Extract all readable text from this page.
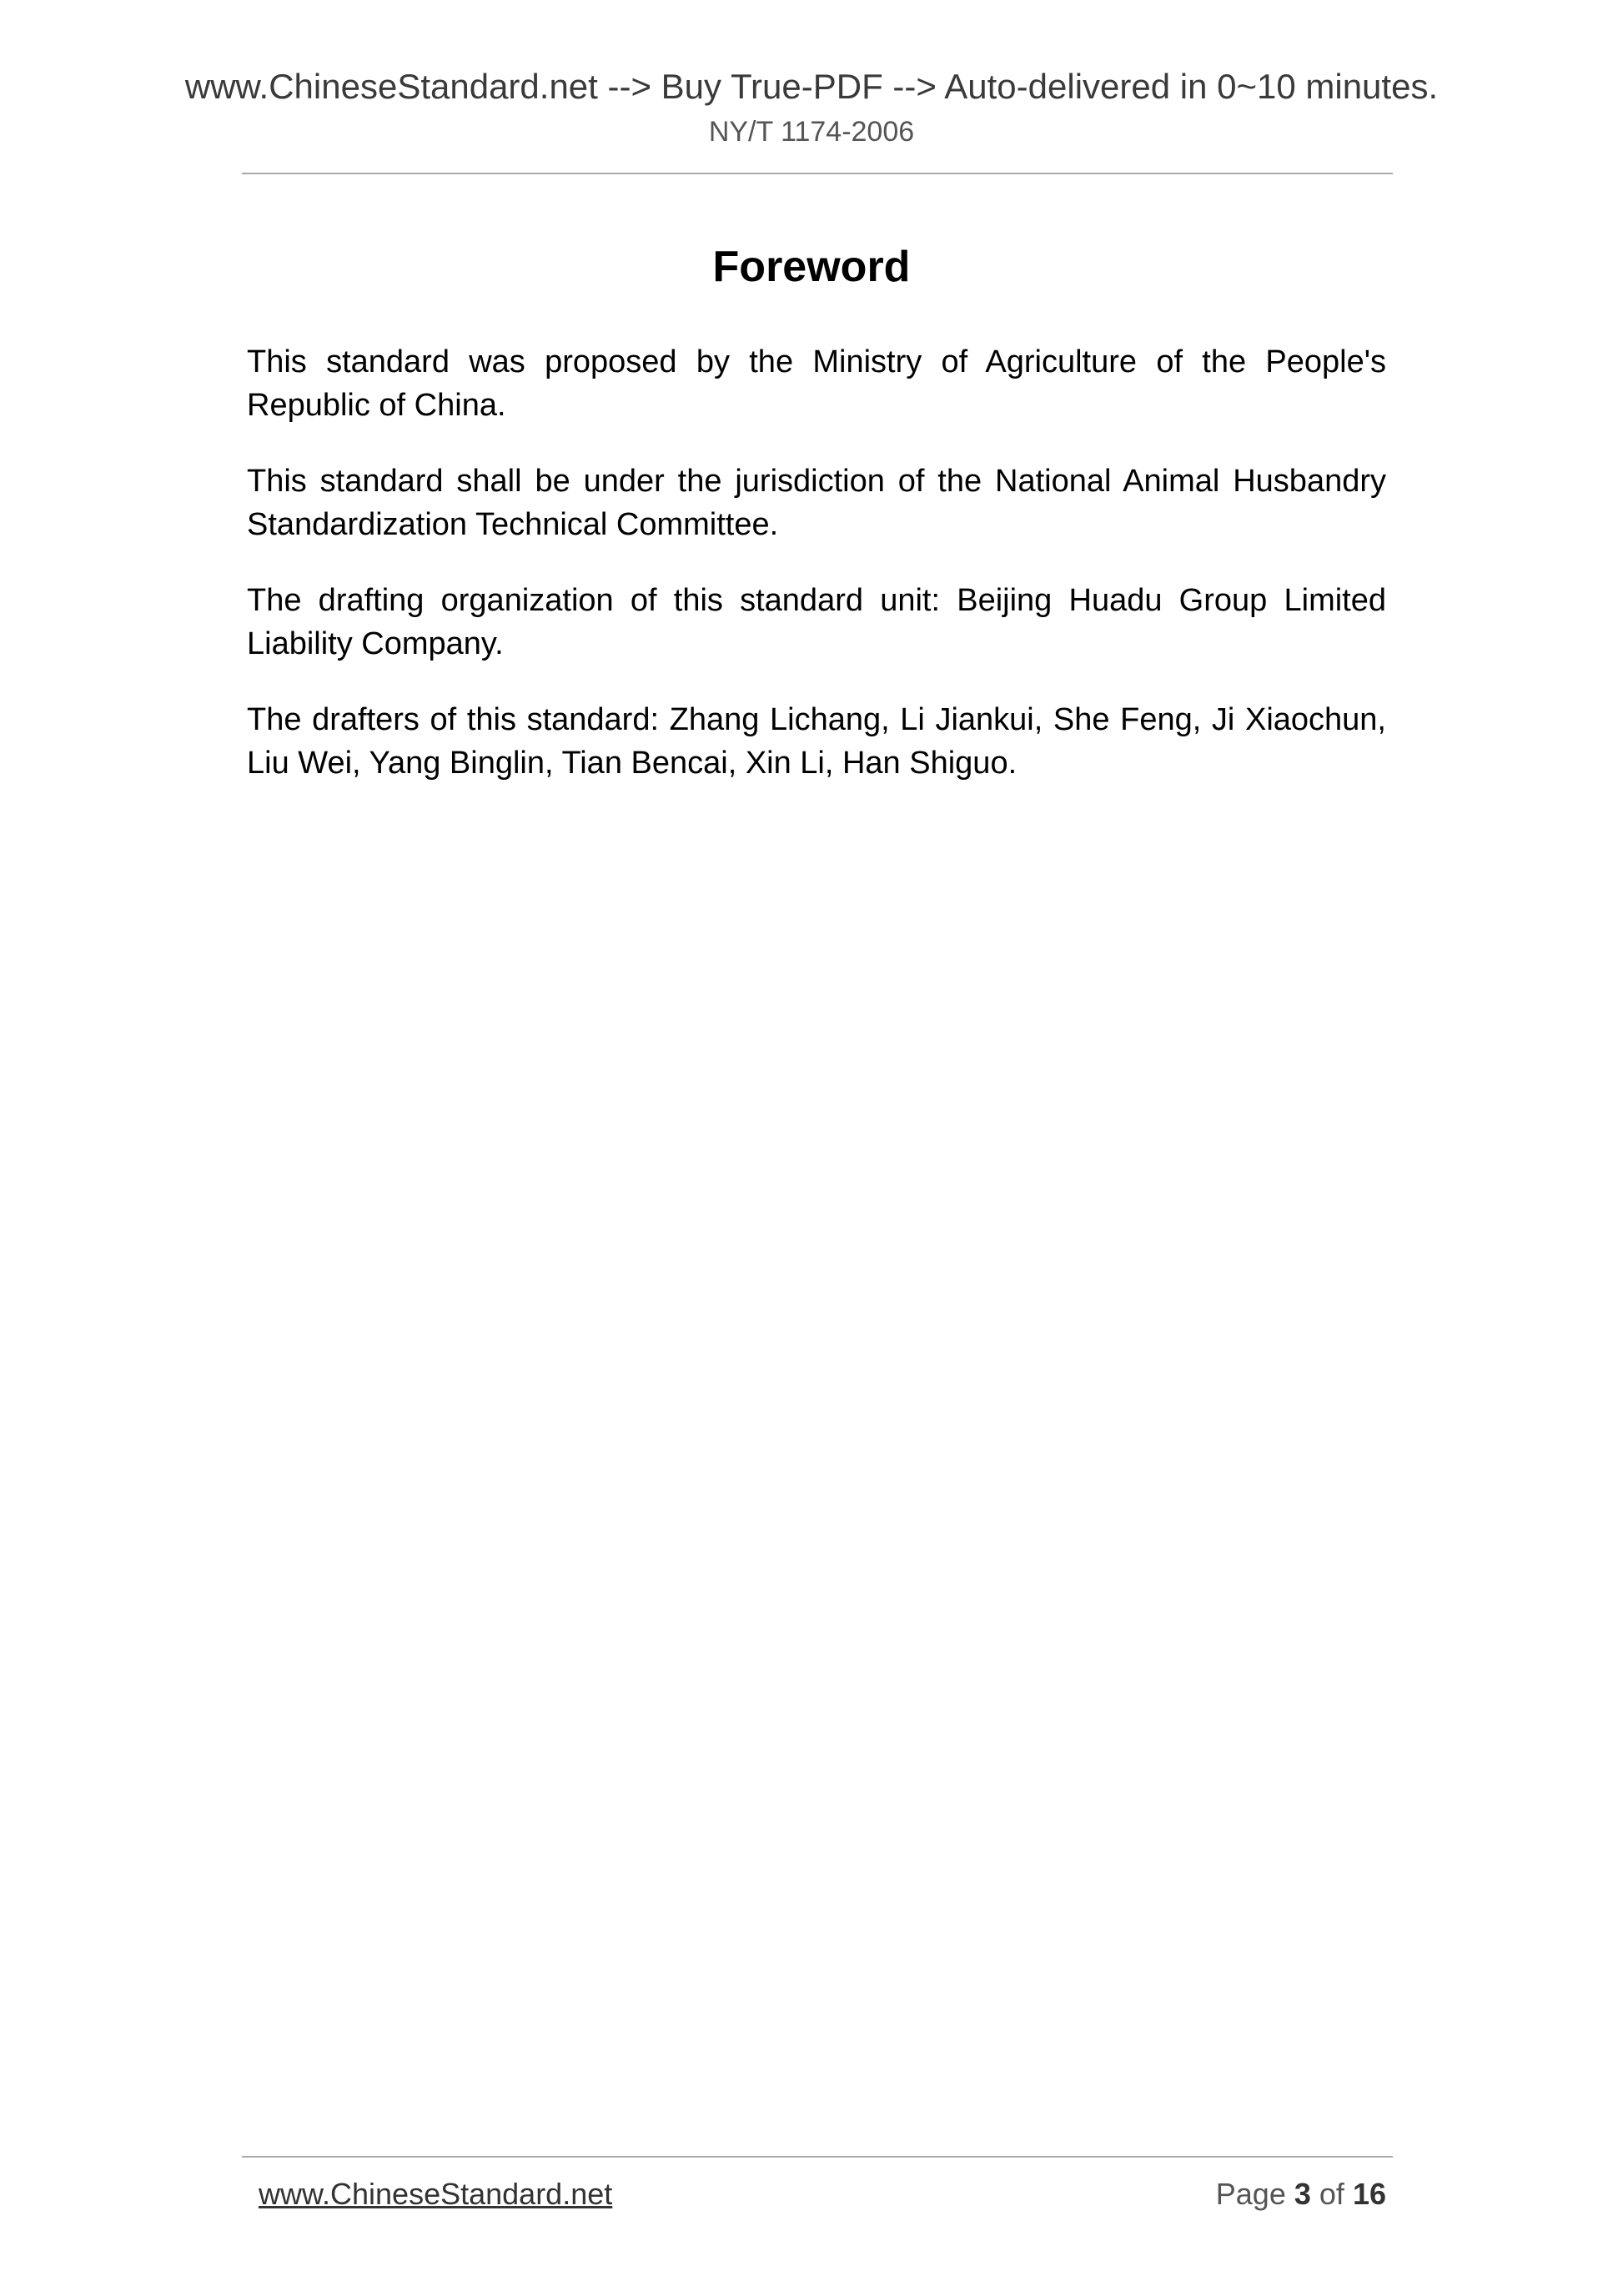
www.ChineseStandard.net --> Buy True-PDF --> Auto-delivered in 0~10 minutes.
NY/T 1174-2006
Foreword

This standard was proposed by the Ministry of Agriculture of the People's Republic of China.

This standard shall be under the jurisdiction of the National Animal Husbandry Standardization Technical Committee.

The drafting organization of this standard unit: Beijing Huadu Group Limited Liability Company.

The drafters of this standard: Zhang Lichang, Li Jiankui, She Feng, Ji Xiaochun, Liu Wei, Yang Binglin, Tian Bencai, Xin Li, Han Shiguo.

www.ChineseStandard.net	Page 3 of 16
